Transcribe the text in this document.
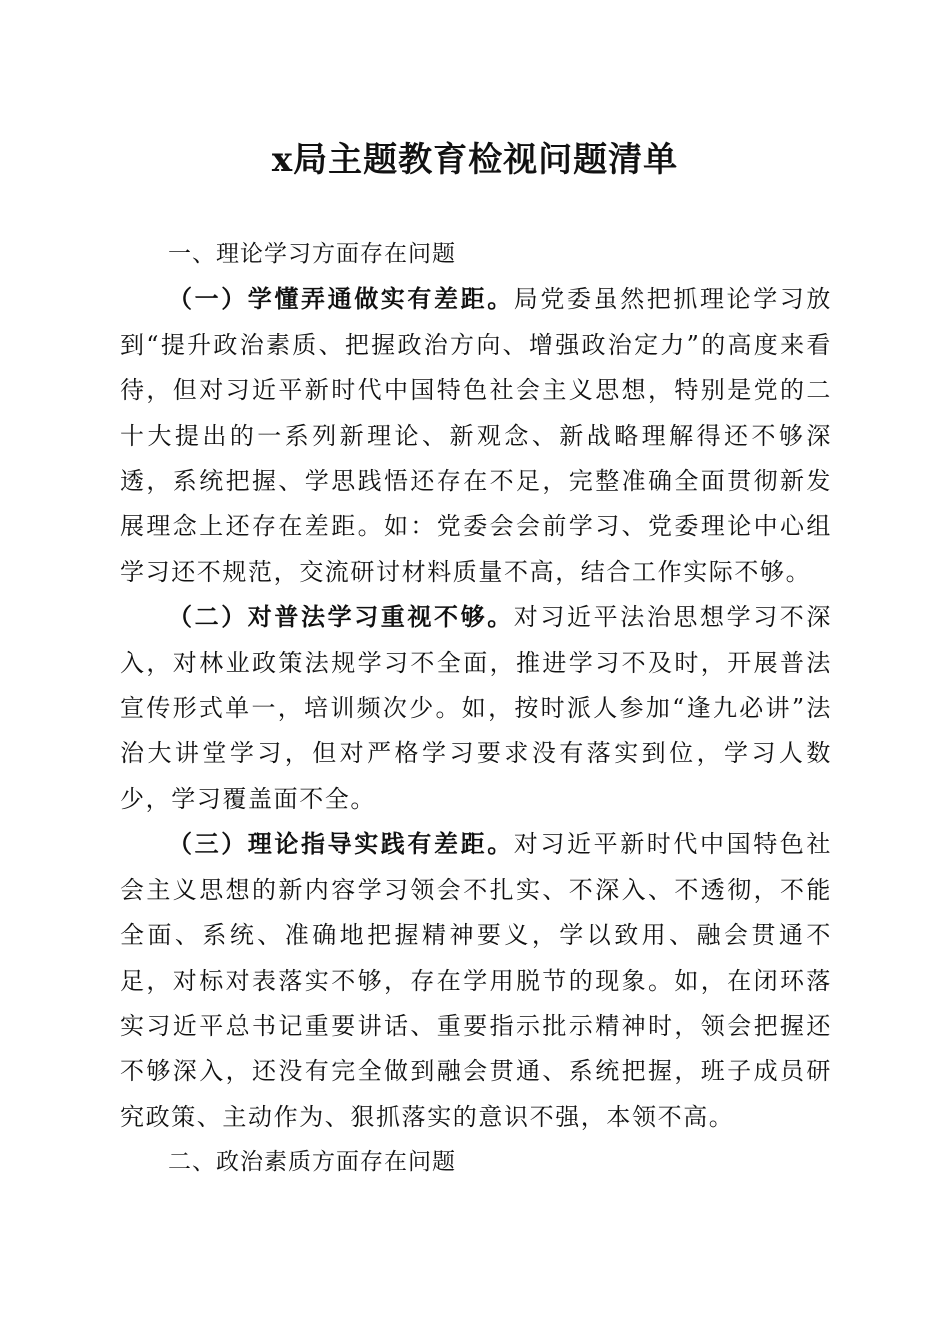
x局主题教育检视问题清单
一、理论学习方面存在问题

（一）学懂弄通做实有差距。局党委虽然把抓理论学习放到“提升政治素质、把握政治方向、增强政治定力”的高度来看待，但对习近平新时代中国特色社会主义思想，特别是党的二十大提出的一系列新理论、新观念、新战略理解得还不够深透，系统把握、学思践悟还存在不足，完整准确全面贯彻新发展理念上还存在差距。如：党委会会前学习、党委理论中心组学习还不规范，交流研讨材料质量不高，结合工作实际不够。

（二）对普法学习重视不够。对习近平法治思想学习不深入，对林业政策法规学习不全面，推进学习不及时，开展普法宣传形式单一，培训频次少。如，按时派人参加“逢九必讲”法治大讲堂学习，但对严格学习要求没有落实到位，学习人数少，学习覆盖面不全。

（三）理论指导实践有差距。对习近平新时代中国特色社会主义思想的新内容学习领会不扎实、不深入、不透彻，不能全面、系统、准确地把握精神要义，学以致用、融会贯通不足，对标对表落实不够，存在学用脱节的现象。如，在闭环落实习近平总书记重要讲话、重要指示批示精神时，领会把握还不够深入，还没有完全做到融会贯通、系统把握，班子成员研究政策、主动作为、狠抓落实的意识不强，本领不高。

二、政治素质方面存在问题
